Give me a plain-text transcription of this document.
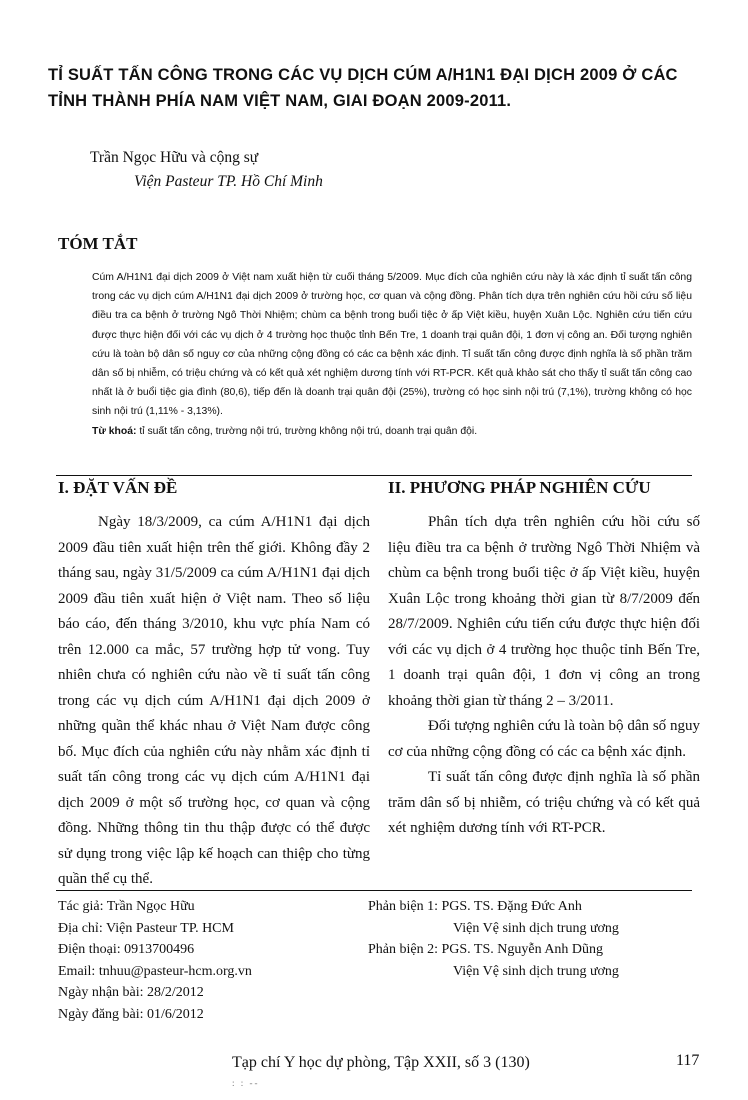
TỈ SUẤT TẤN CÔNG TRONG CÁC VỤ DỊCH CÚM A/H1N1 ĐẠI DỊCH 2009 Ở CÁC TỈNH THÀNH PHÍA NAM VIỆT NAM, GIAI ĐOẠN 2009-2011.
Trần Ngọc Hữu và cộng sự
Viện Pasteur TP. Hồ Chí Minh
TÓM TẮT

Cúm A/H1N1 đại dịch 2009 ở Việt nam xuất hiện từ cuối tháng 5/2009. Mục đích của nghiên cứu này là xác định tỉ suất tấn công trong các vụ dịch cúm A/H1N1 đại dịch 2009 ở trường học, cơ quan và cộng đồng. Phân tích dựa trên nghiên cứu hồi cứu số liệu điều tra ca bệnh ở trường Ngô Thời Nhiệm; chùm ca bệnh trong buổi tiệc ở ấp Việt kiều, huyện Xuân Lộc. Nghiên cứu tiến cứu được thực hiện đối với các vụ dịch ở 4 trường học thuộc tỉnh Bến Tre, 1 doanh trại quân đội, 1 đơn vị công an. Đối tượng nghiên cứu là toàn bộ dân số nguy cơ của những cộng đồng có các ca bệnh xác định. Tỉ suất tấn công được định nghĩa là số phần trăm dân số bị nhiễm, có triệu chứng và có kết quả xét nghiệm dương tính với RT-PCR. Kết quả khảo sát cho thấy tỉ suất tấn công cao nhất là ở buổi tiệc gia đình (80,6), tiếp đến là doanh trại quân đội (25%), trường có học sinh nội trú (7,1%), trường không có học sinh nội trú (1,11% - 3,13%).

Từ khoá: tỉ suất tấn công, trường nội trú, trường không nội trú, doanh trại quân đội.

I. ĐẶT VẤN ĐỀ	II. PHƯƠNG PHÁP NGHIÊN CỨU

Ngày 18/3/2009, ca cúm A/H1N1 đại dịch 2009 đầu tiên xuất hiện trên thế giới. Không đầy 2 tháng sau, ngày 31/5/2009 ca cúm A/H1N1 đại dịch 2009 đầu tiên xuất hiện ở Việt nam. Theo số liệu báo cáo, đến tháng 3/2010, khu vực phía Nam có trên 12.000 ca mắc, 57 trường hợp tử vong. Tuy nhiên chưa có nghiên cứu nào về tỉ suất tấn công trong các vụ dịch cúm A/H1N1 đại dịch 2009 ở những quần thể khác nhau ở Việt Nam được công bố. Mục đích của nghiên cứu này nhằm xác định tỉ suất tấn công trong các vụ dịch cúm A/H1N1 đại dịch 2009 ở một số trường học, cơ quan và cộng đồng. Những thông tin thu thập được có thể được sử dụng trong việc lập kế hoạch can thiệp cho từng quần thể cụ thể.

Phân tích dựa trên nghiên cứu hồi cứu số liệu điều tra ca bệnh ở trường Ngô Thời Nhiệm và chùm ca bệnh trong buổi tiệc ở ấp Việt kiều, huyện Xuân Lộc trong khoảng thời gian từ 8/7/2009 đến 28/7/2009. Nghiên cứu tiến cứu được thực hiện đối với các vụ dịch ở 4 trường học thuộc tỉnh Bến Tre, 1 doanh trại quân đội, 1 đơn vị công an trong khoảng thời gian từ tháng 2 – 3/2011.

Đối tượng nghiên cứu là toàn bộ dân số nguy cơ của những cộng đồng có các ca bệnh xác định.

Tỉ suất tấn công được định nghĩa là số phần trăm dân số bị nhiễm, có triệu chứng và có kết quả xét nghiệm dương tính với RT-PCR.

Tác giả: Trần Ngọc Hữu
Địa chỉ: Viện Pasteur TP. HCM
Điện thoại: 0913700496
Email: tnhuu@pasteur-hcm.org.vn
Ngày nhận bài: 28/2/2012
Ngày đăng bài: 01/6/2012
Phản biện 1: PGS. TS. Đặng Đức Anh
Viện Vệ sinh dịch trung ương
Phản biện 2: PGS. TS. Nguyễn Anh Dũng
Viện Vệ sinh dịch trung ương
Tạp chí Y học dự phòng, Tập XXII, số 3 (130)	117
: : --
